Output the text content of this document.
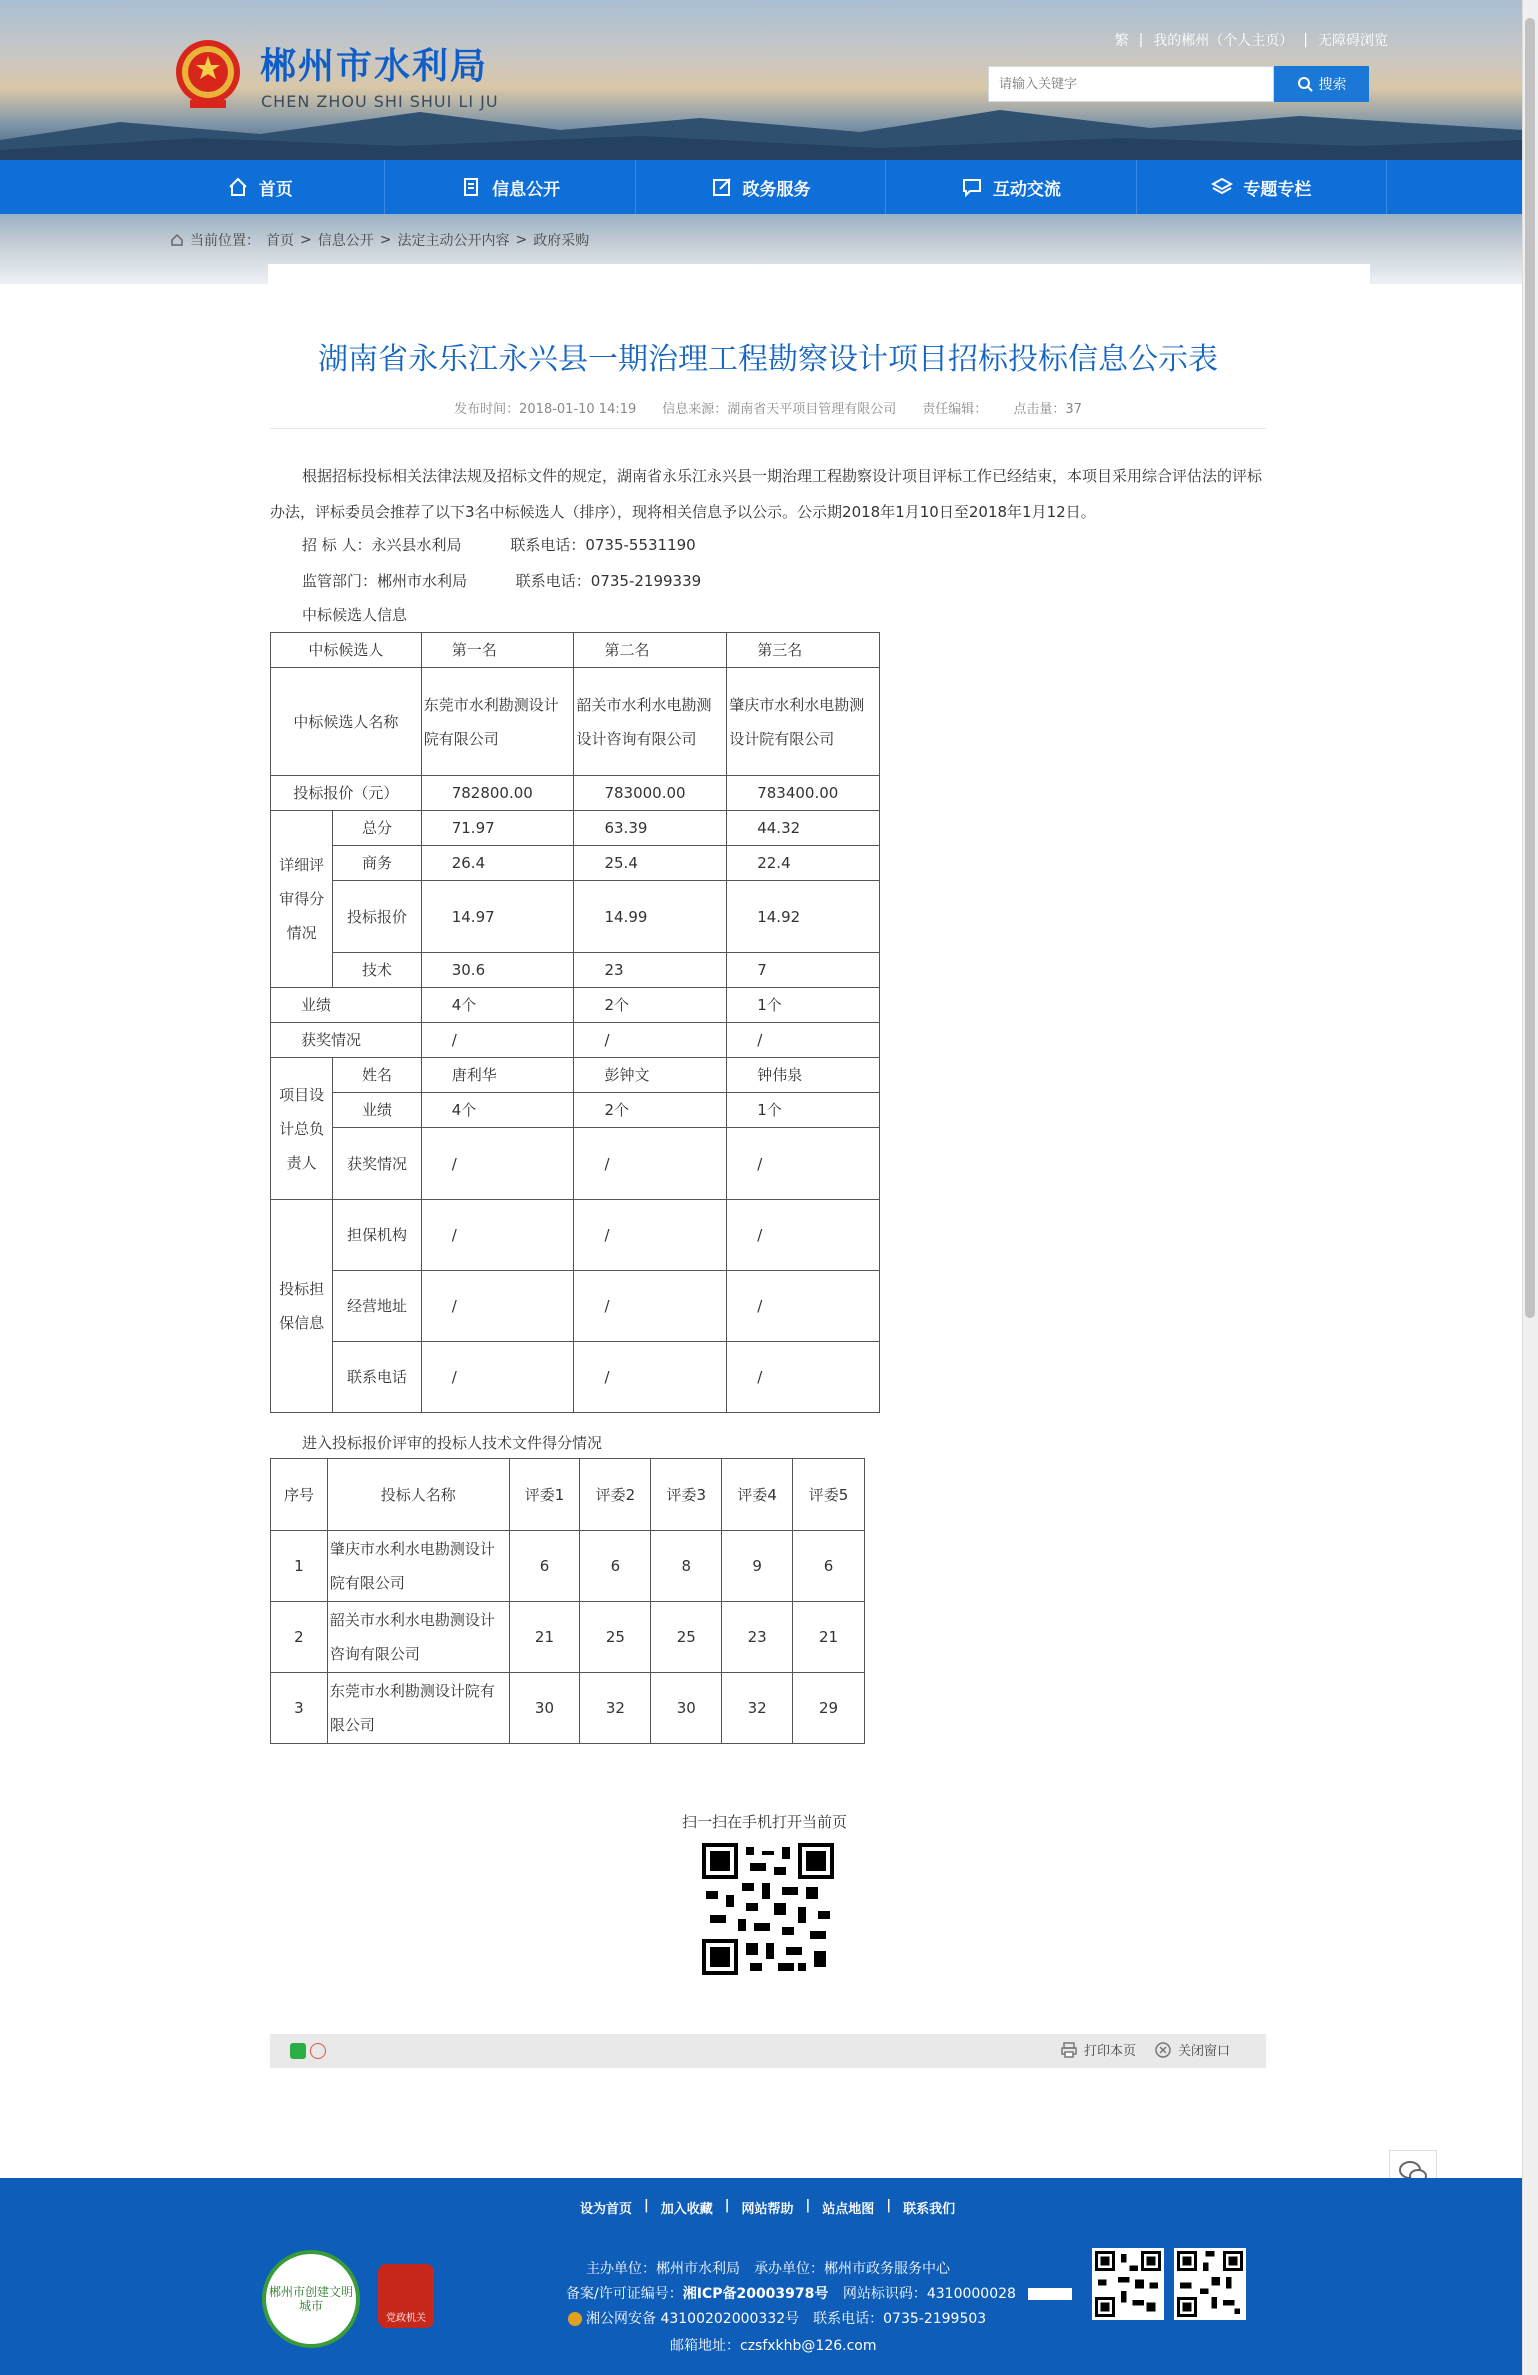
郴州市水利局
CHEN ZHOU SHI SHUI LI JU
繁 | 我的郴州（个人主页） | 无障碍浏览
请输入关键字
搜索
首页	信息公开	政务服务	互动交流	专题专栏
当前位置： 首页 > 信息公开 > 法定主动公开内容 > 政府采购
湖南省永乐江永兴县一期治理工程勘察设计项目招标投标信息公示表
发布时间：2018-01-10 14:19 信息来源：湖南省天平项目管理有限公司 责任编辑： 点击量：37
根据招标投标相关法律法规及招标文件的规定，湖南省永乐江永兴县一期治理工程勘察设计项目评标工作已经结束，本项目采用综合评估法的评标办法，评标委员会推荐了以下3名中标候选人（排序），现将相关信息予以公示。公示期2018年1月10日至2018年1月12日。
招 标 人：永兴县水利局	联系电话：0735-5531190
监管部门：郴州市水利局	联系电话：0735-2199339
中标候选人信息
中标候选人		第一名	第二名	第三名
中标候选人名称		东莞市水利勘测设计院有限公司	韶关市水利水电勘测设计咨询有限公司	肇庆市水利水电勘测设计院有限公司
投标报价（元）		782800.00	783000.00	783400.00
详细评审得分情况	总分	71.97	63.39	44.32
	商务	26.4	25.4	22.4
	投标报价	14.97	14.99	14.92
	技术	30.6	23	7
业绩		4个	2个	1个
获奖情况		/	/	/
项目设计总负责人	姓名	唐利华	彭钟文	钟伟泉
	业绩	4个	2个	1个
	获奖情况	/	/	/
投标担保信息	担保机构	/	/	/
	经营地址	/	/	/
	联系电话	/	/	/
进入投标报价评审的投标人技术文件得分情况
序号	投标人名称	评委1	评委2	评委3	评委4	评委5
1	肇庆市水利水电勘测设计院有限公司	6	6	8	9	6
2	韶关市水利水电勘测设计咨询有限公司	21	25	25	23	21
3	东莞市水利勘测设计院有限公司	30	32	30	32	29
扫一扫在手机打开当前页
打印本页	关闭窗口
设为首页 | 加入收藏 | 网站帮助 | 站点地图 | 联系我们
郴州市创建文明城市
党政机关
主办单位：郴州市水利局　承办单位：郴州市政务服务中心
备案/许可证编号：湘ICP备20003978号 网站标识码：4310000028
湘公网安备 43100202000332号　联系电话：0735-2199503
邮箱地址：czsfxkhb@126.com
